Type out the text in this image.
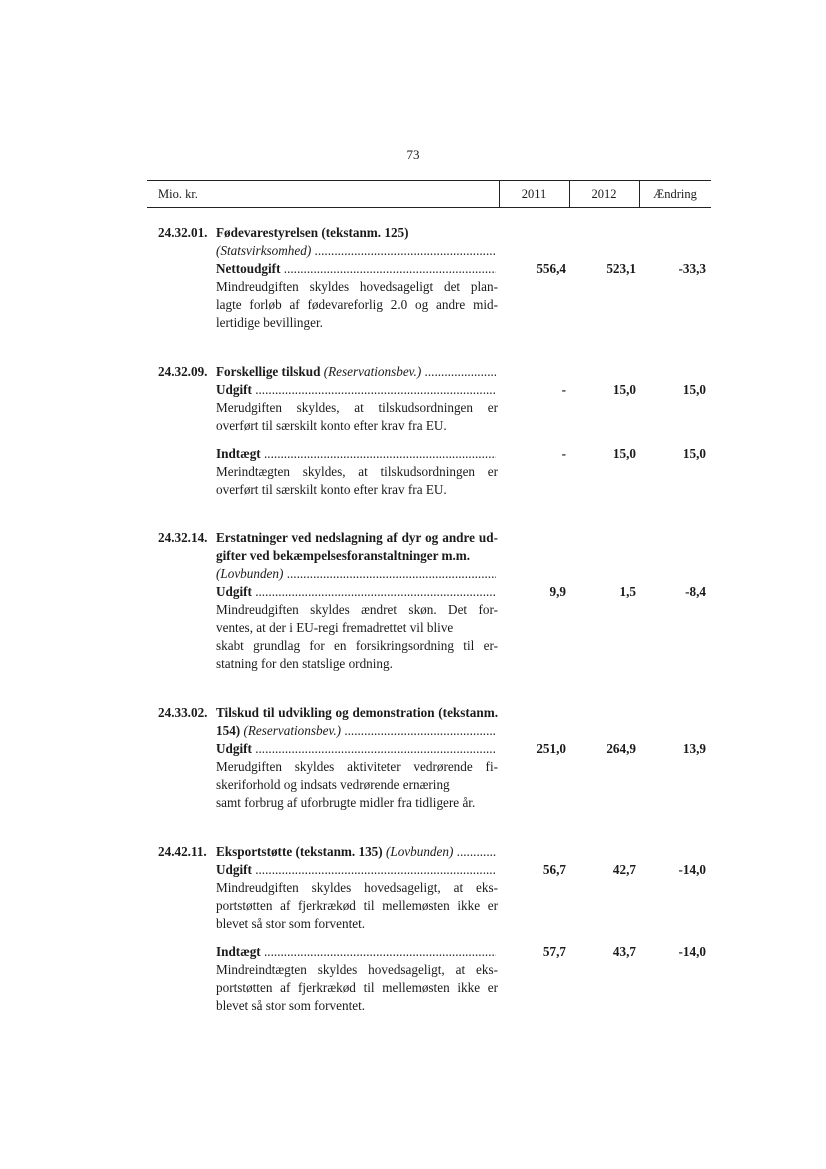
73
Mio. kr.	2011	2012	Ændring
24.32.01. Fødevarestyrelsen (tekstanm. 125)
(Statsvirksomhed) .....
Nettoudgift .....	556,4	523,1	-33,3
Mindreudgiften skyldes hovedsageligt det plan-
lagte forløb af fødevareforlig 2.0 og andre mid-
lertidige bevillinger.
24.32.09. Forskellige tilskud (Reservationsbev.) .....
Udgift .....	-	15,0	15,0
Merudgiften skyldes, at tilskudsordningen er
overført til særskilt konto efter krav fra EU.
Indtægt .....	-	15,0	15,0
Merindtægten skyldes, at tilskudsordningen er
overført til særskilt konto efter krav fra EU.
24.32.14. Erstatninger ved nedslagning af dyr og andre ud-
gifter ved bekæmpelsesforanstaltninger m.m.
(Lovbunden) .....
Udgift .....	9,9	1,5	-8,4
Mindreudgiften skyldes ændret skøn. Det for-
ventes, at der i EU-regi fremadrettet vil blive
skabt grundlag for en forsikringsordning til er-
statning for den statslige ordning.
24.33.02. Tilskud til udvikling og demonstration (tekstanm.
154) (Reservationsbev.) .....
Udgift .....	251,0	264,9	13,9
Merudgiften skyldes aktiviteter vedrørende fi-
skeriforhold og indsats vedrørende ernæring
samt forbrug af uforbrugte midler fra tidligere år.
24.42.11. Eksportstøtte (tekstanm. 135) (Lovbunden) .....
Udgift .....	56,7	42,7	-14,0
Mindreudgiften skyldes hovedsageligt, at eks-
portstøtten af fjerkrækød til mellemøsten ikke er
blevet så stor som forventet.
Indtægt .....	57,7	43,7	-14,0
Mindreindtægten skyldes hovedsageligt, at eks-
portstøtten af fjerkrækød til mellemøsten ikke er
blevet så stor som forventet.
